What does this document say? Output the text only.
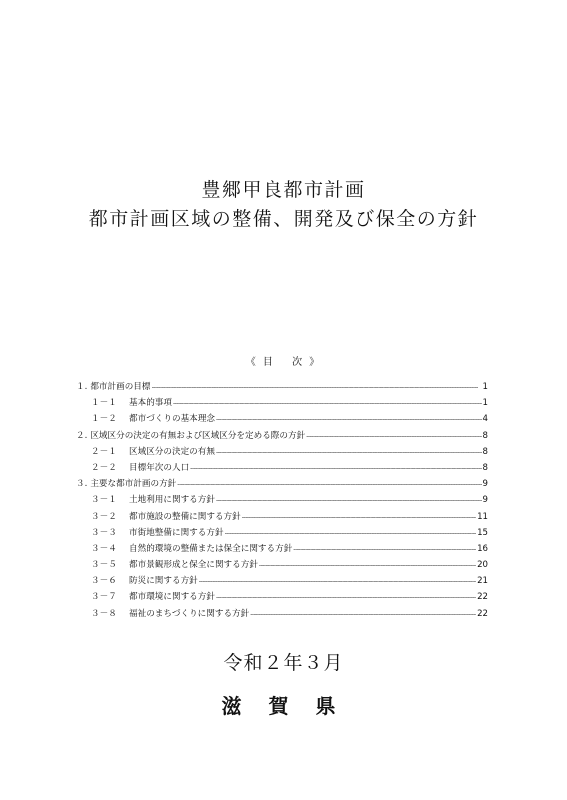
豊郷甲良都市計画
都市計画区域の整備、開発及び保全の方針
《 目　 次 》
１. 都市計画の目標 -----	1
１－１	基本的事項 -----	1
１－２	都市づくりの基本理念 -----	4
２. 区域区分の決定の有無および区域区分を定める際の方針 -----	8
２－１	区域区分の決定の有無 -----	8
２－２	目標年次の人口 -----	8
３. 主要な都市計画の方針 -----	9
３－１	土地利用に関する方針 -----	9
３－２	都市施設の整備に関する方針 -----	11
３－３	市街地整備に関する方針 -----	15
３－４	自然的環境の整備または保全に関する方針 -----	16
３－５	都市景観形成と保全に関する方針 -----	20
３－６	防災に関する方針 -----	21
３－７	都市環境に関する方針 -----	22
３－８	福祉のまちづくりに関する方針 -----	22
令和２年３月
滋 賀 県
